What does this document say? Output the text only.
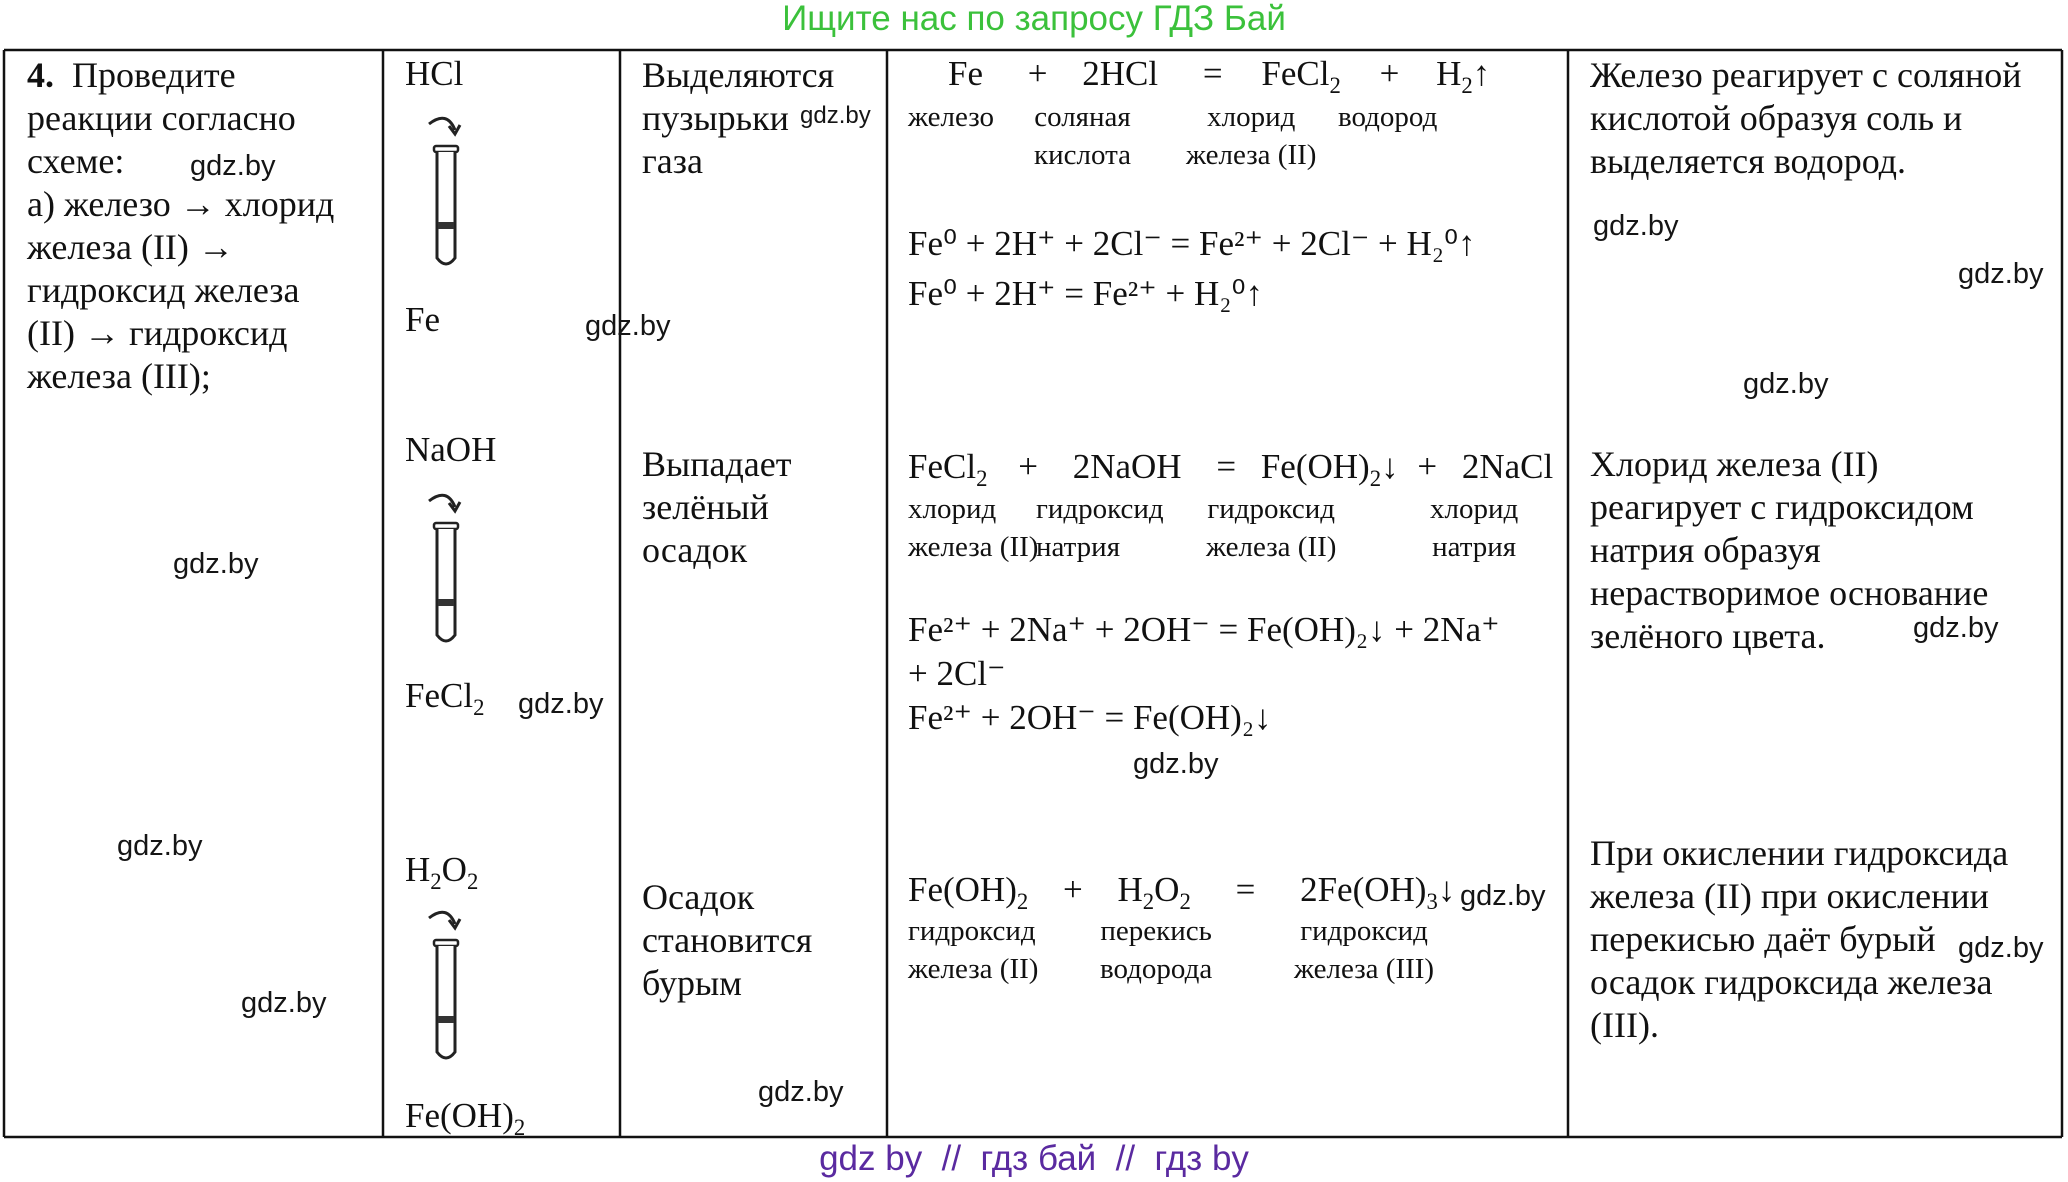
Ищите нас по запросу ГДЗ Бай
4. Проведите
реакции согласно
схеме:
а) железо → хлорид
железа (II) →
гидроксид железа
(II) → гидроксид
железа (III);
HCl
Fe
NaOH
FeCl$_2$
$H_2O_2$
$Fe(OH)_2$
Выделяются
пузырьки
газа
Выпадает
зелёный
осадок
Осадок
становится
бурым
Fe + 2HCl = FeCl$_2$ + $H_2↑$
железо соляная
кислота
хлорид
железа (II)
водород
Fe⁰ + 2H⁺ + 2Cl⁻ = Fe²⁺ + 2Cl⁻ + H₂⁰↑
Fe⁰ + 2H⁺ = Fe²⁺ + H₂⁰↑
FeCl$_2$ + 2NaOH = $Fe(OH)_2↓$ + 2NaCl
хлорид
железа (II)
гидроксид
натрия
гидроксид
железа (II)
хлорид
натрия
Fe²⁺ + 2Na⁺ + 2OH⁻ = Fe(OH)₂↓ + 2Na⁺
+ 2Cl⁻
Fe²⁺ + 2OH⁻ = Fe(OH)₂↓
$Fe(OH)_2 + H_2O_2$ = $2Fe(OH)_3↓$
гидроксид
железа (II)
перекись
водорода
гидроксид
железа (III)
Железо реагирует с соляной
кислотой образуя соль и
выделяется водород.
Хлорид железа (II)
реагирует с гидроксидом
натрия образуя
нерастворимое основание
зелёного цвета.
При окислении гидроксида
железа (II) при окислении
перекисью даёт бурый
осадок гидроксида железа
(III).
gdz.by
gdz.by
gdz.by
gdz.by
gdz.by
gdz.by
gdz.by
gdz.by
gdz.by
gdz.by
gdz.by
gdz.by
gdz.by
gdz.by
gdz.by
gdz by  //  гдз бай  //  гдз by
